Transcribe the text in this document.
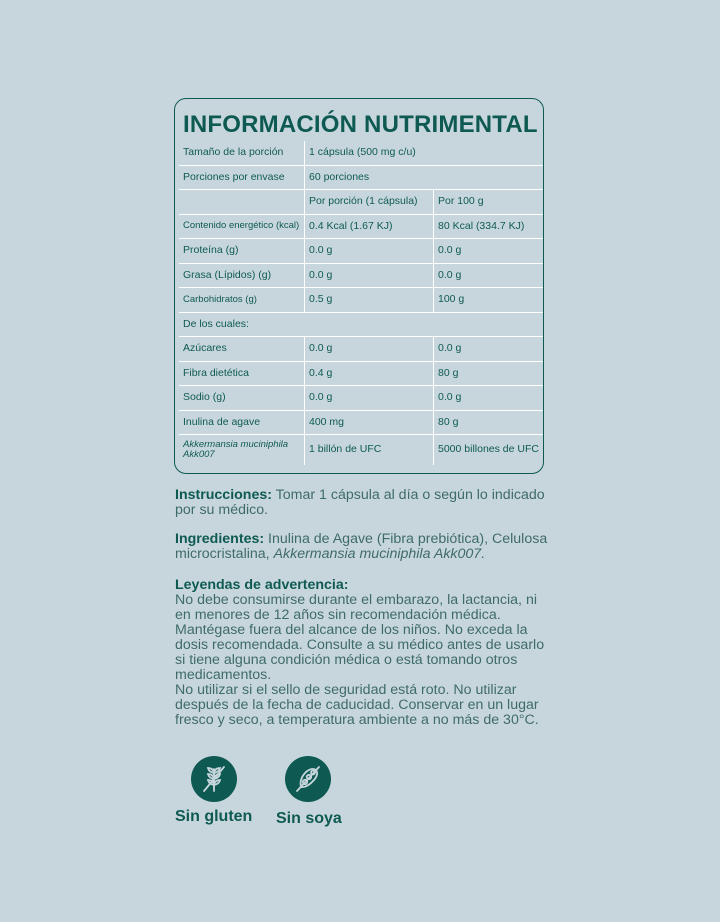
INFORMACIÓN NUTRIMENTAL
Tamaño de la porción	1 cápsula (500 mg c/u)	
Porciones por envase	60 porciones	
	Por porción (1 cápsula)	Por 100 g
Contenido energético (kcal)	0.4 Kcal (1.67 KJ)	80 Kcal (334.7 KJ)
Proteína (g)	0.0 g	0.0 g
Grasa (Lípidos) (g)	0.0 g	0.0 g
Carbohidratos (g)	0.5 g	100 g
De los cuales:		
Azúcares	0.0 g	0.0 g
Fibra dietética	0.4 g	80 g
Sodio (g)	0.0 g	0.0 g
Inulina de agave	400 mg	80 g
Akkermansia muciniphila Akk007	1 billón de UFC	5000 billones de UFC
Instrucciones: Tomar 1 cápsula al día o según lo indicado por su médico.
Ingredientes: Inulina de Agave (Fibra prebiótica), Celulosa microcristalina, Akkermansia muciniphila Akk007.
Leyendas de advertencia:
No debe consumirse durante el embarazo, la lactancia, ni en menores de 12 años sin recomendación médica. Mantégase fuera del alcance de los niños. No exceda la dosis recomendada. Consulte a su médico antes de usarlo si tiene alguna condición médica o está tomando otros medicamentos.
No utilizar si el sello de seguridad está roto. No utilizar después de la fecha de caducidad. Conservar en un lugar fresco y seco, a temperatura ambiente a no más de 30°C.
Sin gluten Sin soya
